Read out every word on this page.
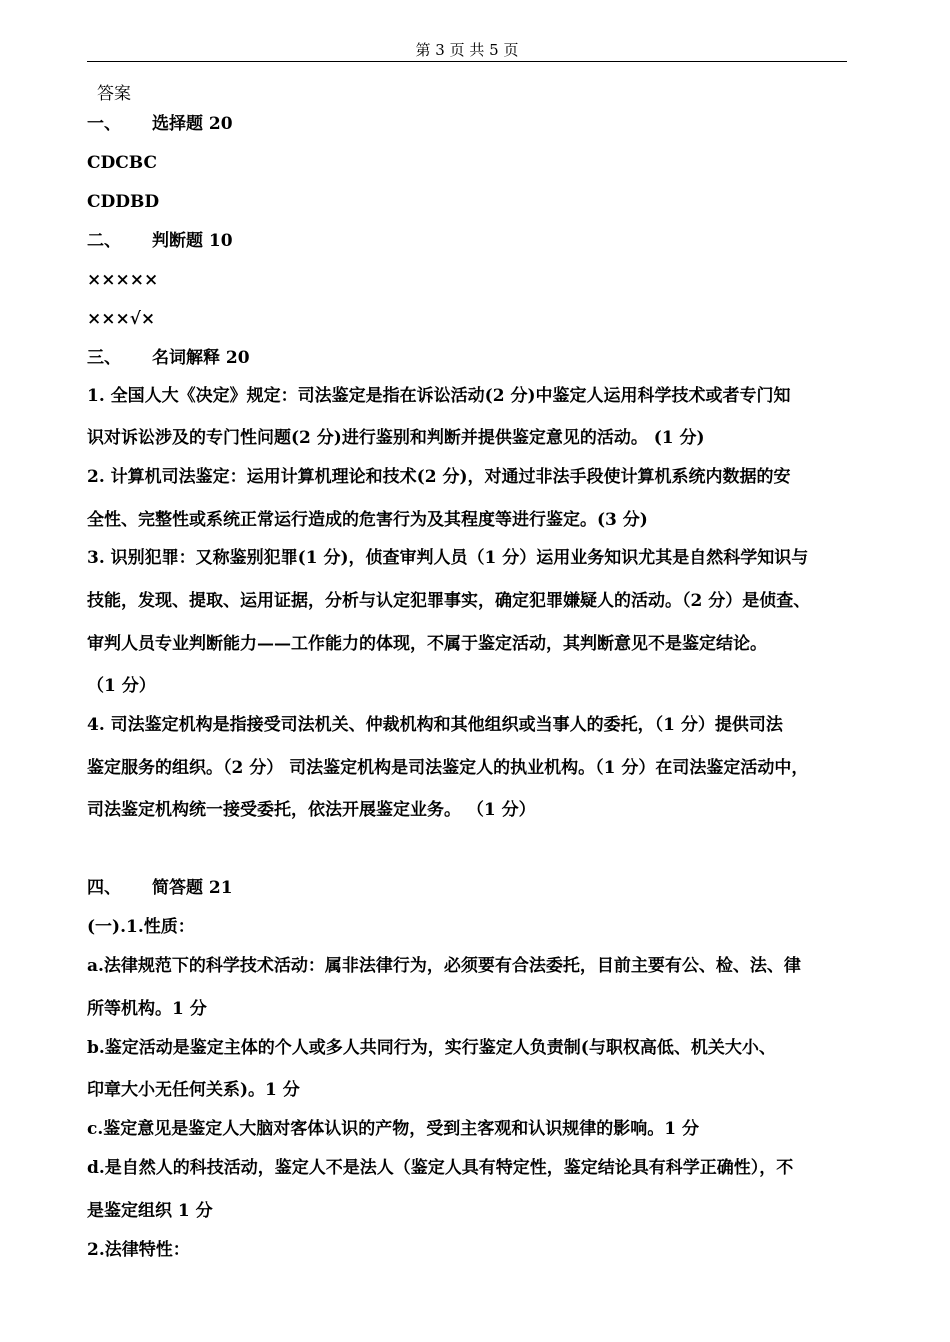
第 3 页 共 5 页
答案
一、 选择题 20
CDCBC
CDDBD
二、 判断题 10
×××××
×××√×
三、 名词解释 20
1. 全国人大《决定》规定：司法鉴定是指在诉讼活动(2 分)中鉴定人运用科学技术或者专门知
识对诉讼涉及的专门性问题(2 分)进行鉴别和判断并提供鉴定意见的活动。 (1 分)
2. 计算机司法鉴定：运用计算机理论和技术(2 分)，对通过非法手段使计算机系统内数据的安
全性、完整性或系统正常运行造成的危害行为及其程度等进行鉴定。(3 分)
3. 识别犯罪：又称鉴别犯罪(1 分)，侦查审判人员（1 分）运用业务知识尤其是自然科学知识与
技能，发现、提取、运用证据，分析与认定犯罪事实，确定犯罪嫌疑人的活动。（2 分）是侦查、
审判人员专业判断能力——工作能力的体现，不属于鉴定活动，其判断意见不是鉴定结论。
（1 分）
4. 司法鉴定机构是指接受司法机关、仲裁机构和其他组织或当事人的委托，（1 分）提供司法
鉴定服务的组织。（2 分） 司法鉴定机构是司法鉴定人的执业机构。（1 分）在司法鉴定活动中，
司法鉴定机构统一接受委托，依法开展鉴定业务。 （1 分）
四、 简答题 21
(一).1.性质：
a.法律规范下的科学技术活动：属非法律行为，必须要有合法委托，目前主要有公、检、法、律
所等机构。1 分
b.鉴定活动是鉴定主体的个人或多人共同行为，实行鉴定人负责制(与职权高低、机关大小、
印章大小无任何关系)。1 分
c.鉴定意见是鉴定人大脑对客体认识的产物，受到主客观和认识规律的影响。1 分
d.是自然人的科技活动，鉴定人不是法人（鉴定人具有特定性，鉴定结论具有科学正确性），不
是鉴定组织 1 分
2.法律特性：
